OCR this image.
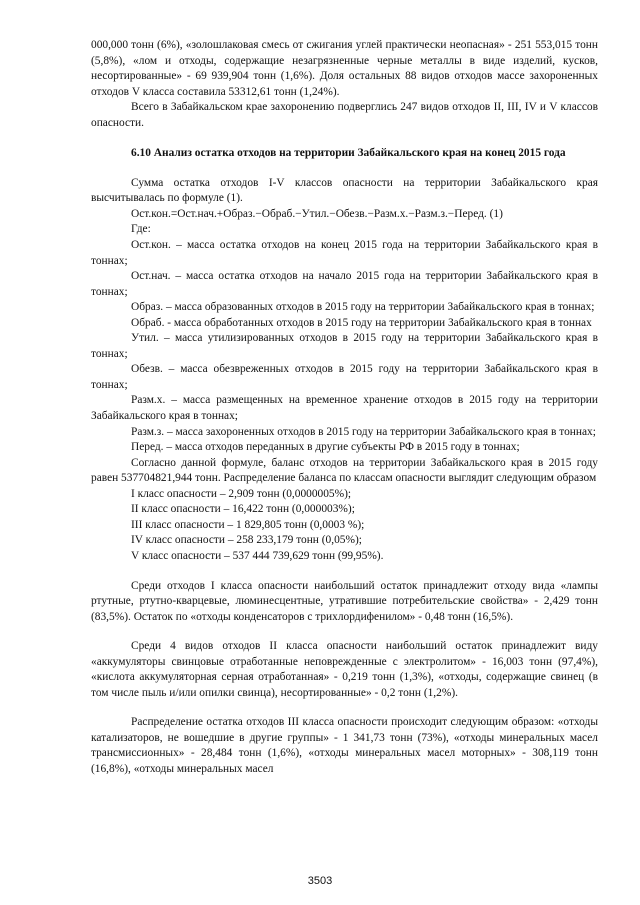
000,000 тонн (6%), «золошлаковая смесь от сжигания углей практически неопасная» - 251 553,015 тонн (5,8%), «лом и отходы, содержащие незагрязненные черные металлы в виде изделий, кусков, несортированные» - 69 939,904 тонн (1,6%). Доля остальных 88 видов отходов массе захороненных отходов V класса составила 53312,61 тонн (1,24%).

Всего в Забайкальском крае захоронению подверглись 247 видов отходов II, III, IV и V классов опасности.

6.10 Анализ остатка отходов на территории Забайкальского края на конец 2015 года

Сумма остатка отходов I-V классов опасности на территории Забайкальского края высчитывалась по формуле (1).

Ост.кон.=Ост.нач.+Образ.−Обраб.−Утил.−Обезв.−Разм.х.−Разм.з.−Перед. (1)

Где:

Ост.кон. – масса остатка отходов на конец 2015 года на территории Забайкальского края в тоннах;

Ост.нач. – масса остатка отходов на начало 2015 года на территории Забайкальского края в тоннах;

Образ. – масса образованных отходов в 2015 году на территории Забайкальского края в тоннах;

Обраб. - масса обработанных отходов в 2015 году на территории Забайкальского края в тоннах

Утил. – масса утилизированных отходов в 2015 году на территории Забайкальского края в тоннах;

Обезв. – масса обезвреженных отходов в 2015 году на территории Забайкальского края в тоннах;

Разм.х. – масса размещенных на временное хранение отходов в 2015 году на территории Забайкальского края в тоннах;

Разм.з. – масса захороненных отходов в 2015 году на территории Забайкальского края в тоннах;

Перед. – масса отходов переданных в другие субъекты РФ в 2015 году в тоннах;

Согласно данной формуле, баланс отходов на территории Забайкальского края в 2015 году равен 537704821,944 тонн. Распределение баланса по классам опасности выглядит следующим образом

I класс опасности – 2,909 тонн (0,0000005%);
II класс опасности – 16,422 тонн (0,000003%);
III класс опасности – 1 829,805 тонн (0,0003 %);
IV класс опасности – 258 233,179 тонн (0,05%);
V класс опасности – 537 444 739,629 тонн (99,95%).

Среди отходов I класса опасности наибольший остаток принадлежит отходу вида «лампы ртутные, ртутно-кварцевые, люминесцентные, утратившие потребительские свойства» - 2,429 тонн (83,5%). Остаток по «отходы конденсаторов с трихлордифенилом» - 0,48 тонн (16,5%).

Среди 4 видов отходов II класса опасности наибольший остаток принадлежит виду «аккумуляторы свинцовые отработанные неповрежденные с электролитом» - 16,003 тонн (97,4%), «кислота аккумуляторная серная отработанная» - 0,219 тонн (1,3%), «отходы, содержащие свинец (в том числе пыль и/или опилки свинца), несортированные» - 0,2 тонн (1,2%).

Распределение остатка отходов III класса опасности происходит следующим образом: «отходы катализаторов, не вошедшие в другие группы» - 1 341,73 тонн (73%), «отходы минеральных масел трансмиссионных» - 28,484 тонн (1,6%), «отходы минеральных масел моторных» - 308,119 тонн (16,8%), «отходы минеральных масел

3503
